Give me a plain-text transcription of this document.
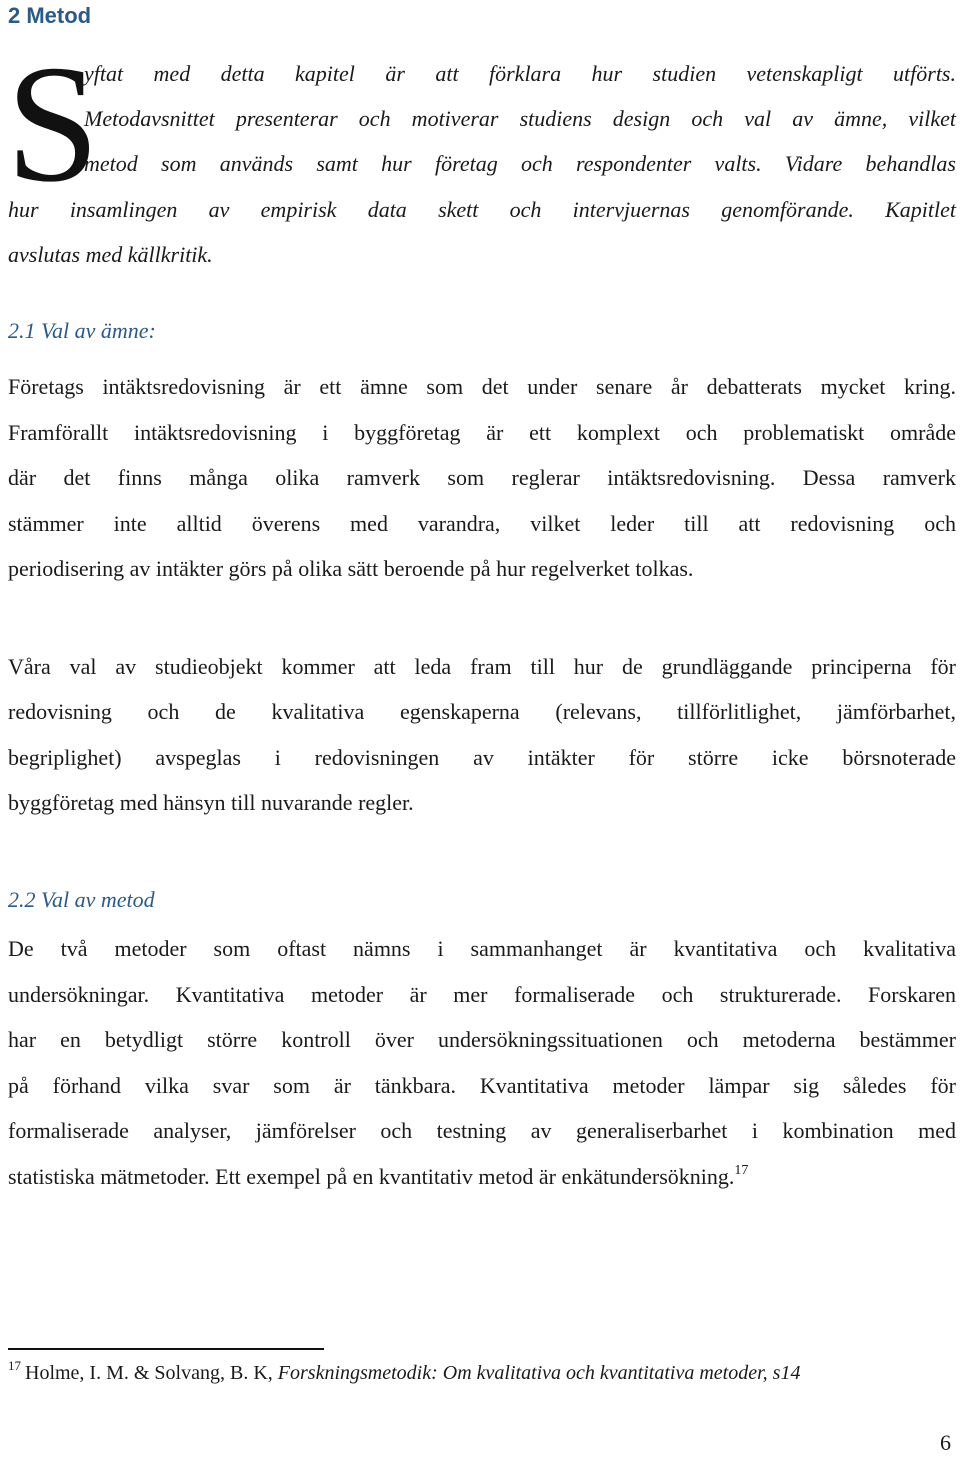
2 Metod
S
yftat med detta kapitel är att förklara hur studien vetenskapligt utförts.
Metodavsnittet presenterar och motiverar studiens design och val av ämne, vilket
metod som används samt hur företag och respondenter valts. Vidare behandlas
hur insamlingen av empirisk data skett och intervjuernas genomförande. Kapitlet
avslutas med källkritik.
2.1 Val av ämne:
Företags intäktsredovisning är ett ämne som det under senare år debatterats mycket kring.
Framförallt intäktsredovisning i byggföretag är ett komplext och problematiskt område
där det finns många olika ramverk som reglerar intäktsredovisning. Dessa ramverk
stämmer inte alltid överens med varandra, vilket leder till att redovisning och
periodisering av intäkter görs på olika sätt beroende på hur regelverket tolkas.
Våra val av studieobjekt kommer att leda fram till hur de grundläggande principerna för
redovisning och de kvalitativa egenskaperna (relevans, tillförlitlighet, jämförbarhet,
begriplighet) avspeglas i redovisningen av intäkter för större icke börsnoterade
byggföretag med hänsyn till nuvarande regler.
2.2 Val av metod
De två metoder som oftast nämns i sammanhanget är kvantitativa och kvalitativa
undersökningar. Kvantitativa metoder är mer formaliserade och strukturerade. Forskaren
har en betydligt större kontroll över undersökningssituationen och metoderna bestämmer
på förhand vilka svar som är tänkbara. Kvantitativa metoder lämpar sig således för
formaliserade analyser, jämförelser och testning av generaliserbarhet i kombination med
statistiska mätmetoder. Ett exempel på en kvantitativ metod är enkätundersökning.$^{17}$
$^{17}$ Holme, I. M. & Solvang, B. K, Forskningsmetodik: Om kvalitativa och kvantitativa metoder, s14
6
